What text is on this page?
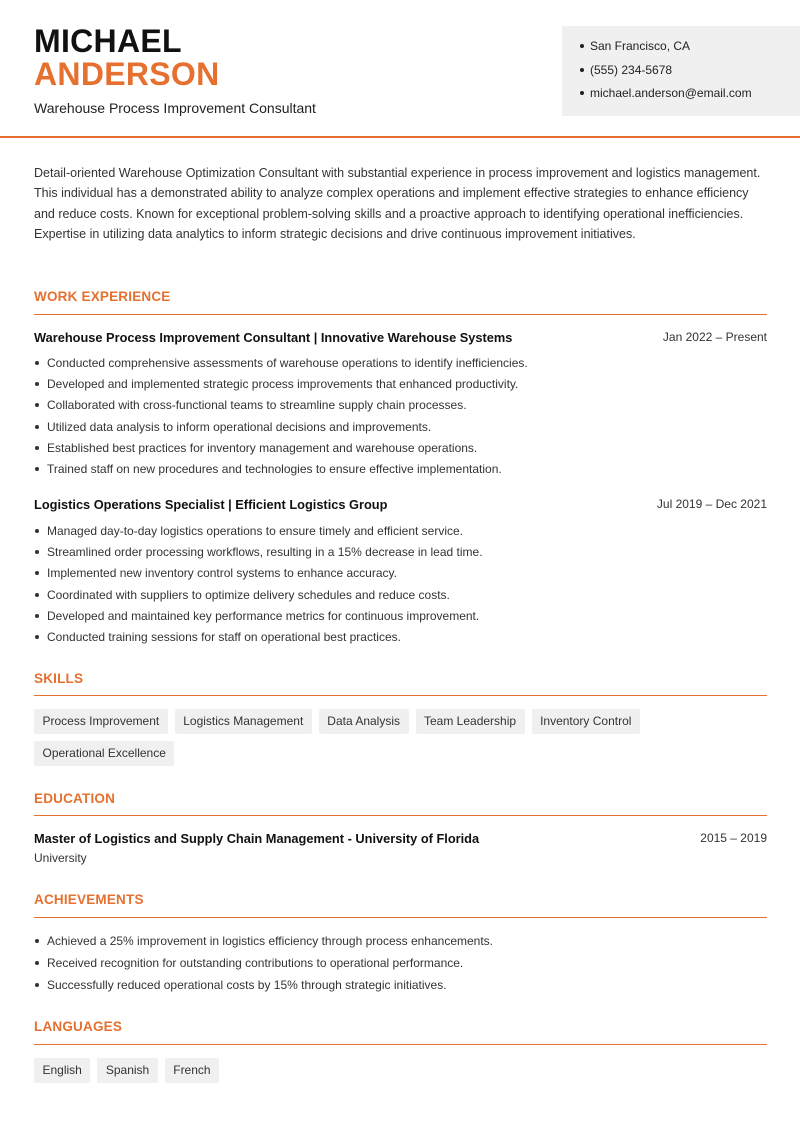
MICHAEL
ANDERSON
Warehouse Process Improvement Consultant
San Francisco, CA
(555) 234-5678
michael.anderson@email.com

Detail-oriented Warehouse Optimization Consultant with substantial experience in process improvement and logistics management. This individual has a demonstrated ability to analyze complex operations and implement effective strategies to enhance efficiency and reduce costs. Known for exceptional problem-solving skills and a proactive approach to identifying operational inefficiencies. Expertise in utilizing data analytics to inform strategic decisions and drive continuous improvement initiatives.

WORK EXPERIENCE
Warehouse Process Improvement Consultant | Innovative Warehouse Systems	Jan 2022 – Present
Conducted comprehensive assessments of warehouse operations to identify inefficiencies.
Developed and implemented strategic process improvements that enhanced productivity.
Collaborated with cross-functional teams to streamline supply chain processes.
Utilized data analysis to inform operational decisions and improvements.
Established best practices for inventory management and warehouse operations.
Trained staff on new procedures and technologies to ensure effective implementation.
Logistics Operations Specialist | Efficient Logistics Group	Jul 2019 – Dec 2021
Managed day-to-day logistics operations to ensure timely and efficient service.
Streamlined order processing workflows, resulting in a 15% decrease in lead time.
Implemented new inventory control systems to enhance accuracy.
Coordinated with suppliers to optimize delivery schedules and reduce costs.
Developed and maintained key performance metrics for continuous improvement.
Conducted training sessions for staff on operational best practices.
SKILLS
Process Improvement	Logistics Management	Data Analysis	Team Leadership	Inventory Control
Operational Excellence
EDUCATION
Master of Logistics and Supply Chain Management - University of Florida	2015 – 2019
University
ACHIEVEMENTS
Achieved a 25% improvement in logistics efficiency through process enhancements.
Received recognition for outstanding contributions to operational performance.
Successfully reduced operational costs by 15% through strategic initiatives.
LANGUAGES
English	Spanish	French
